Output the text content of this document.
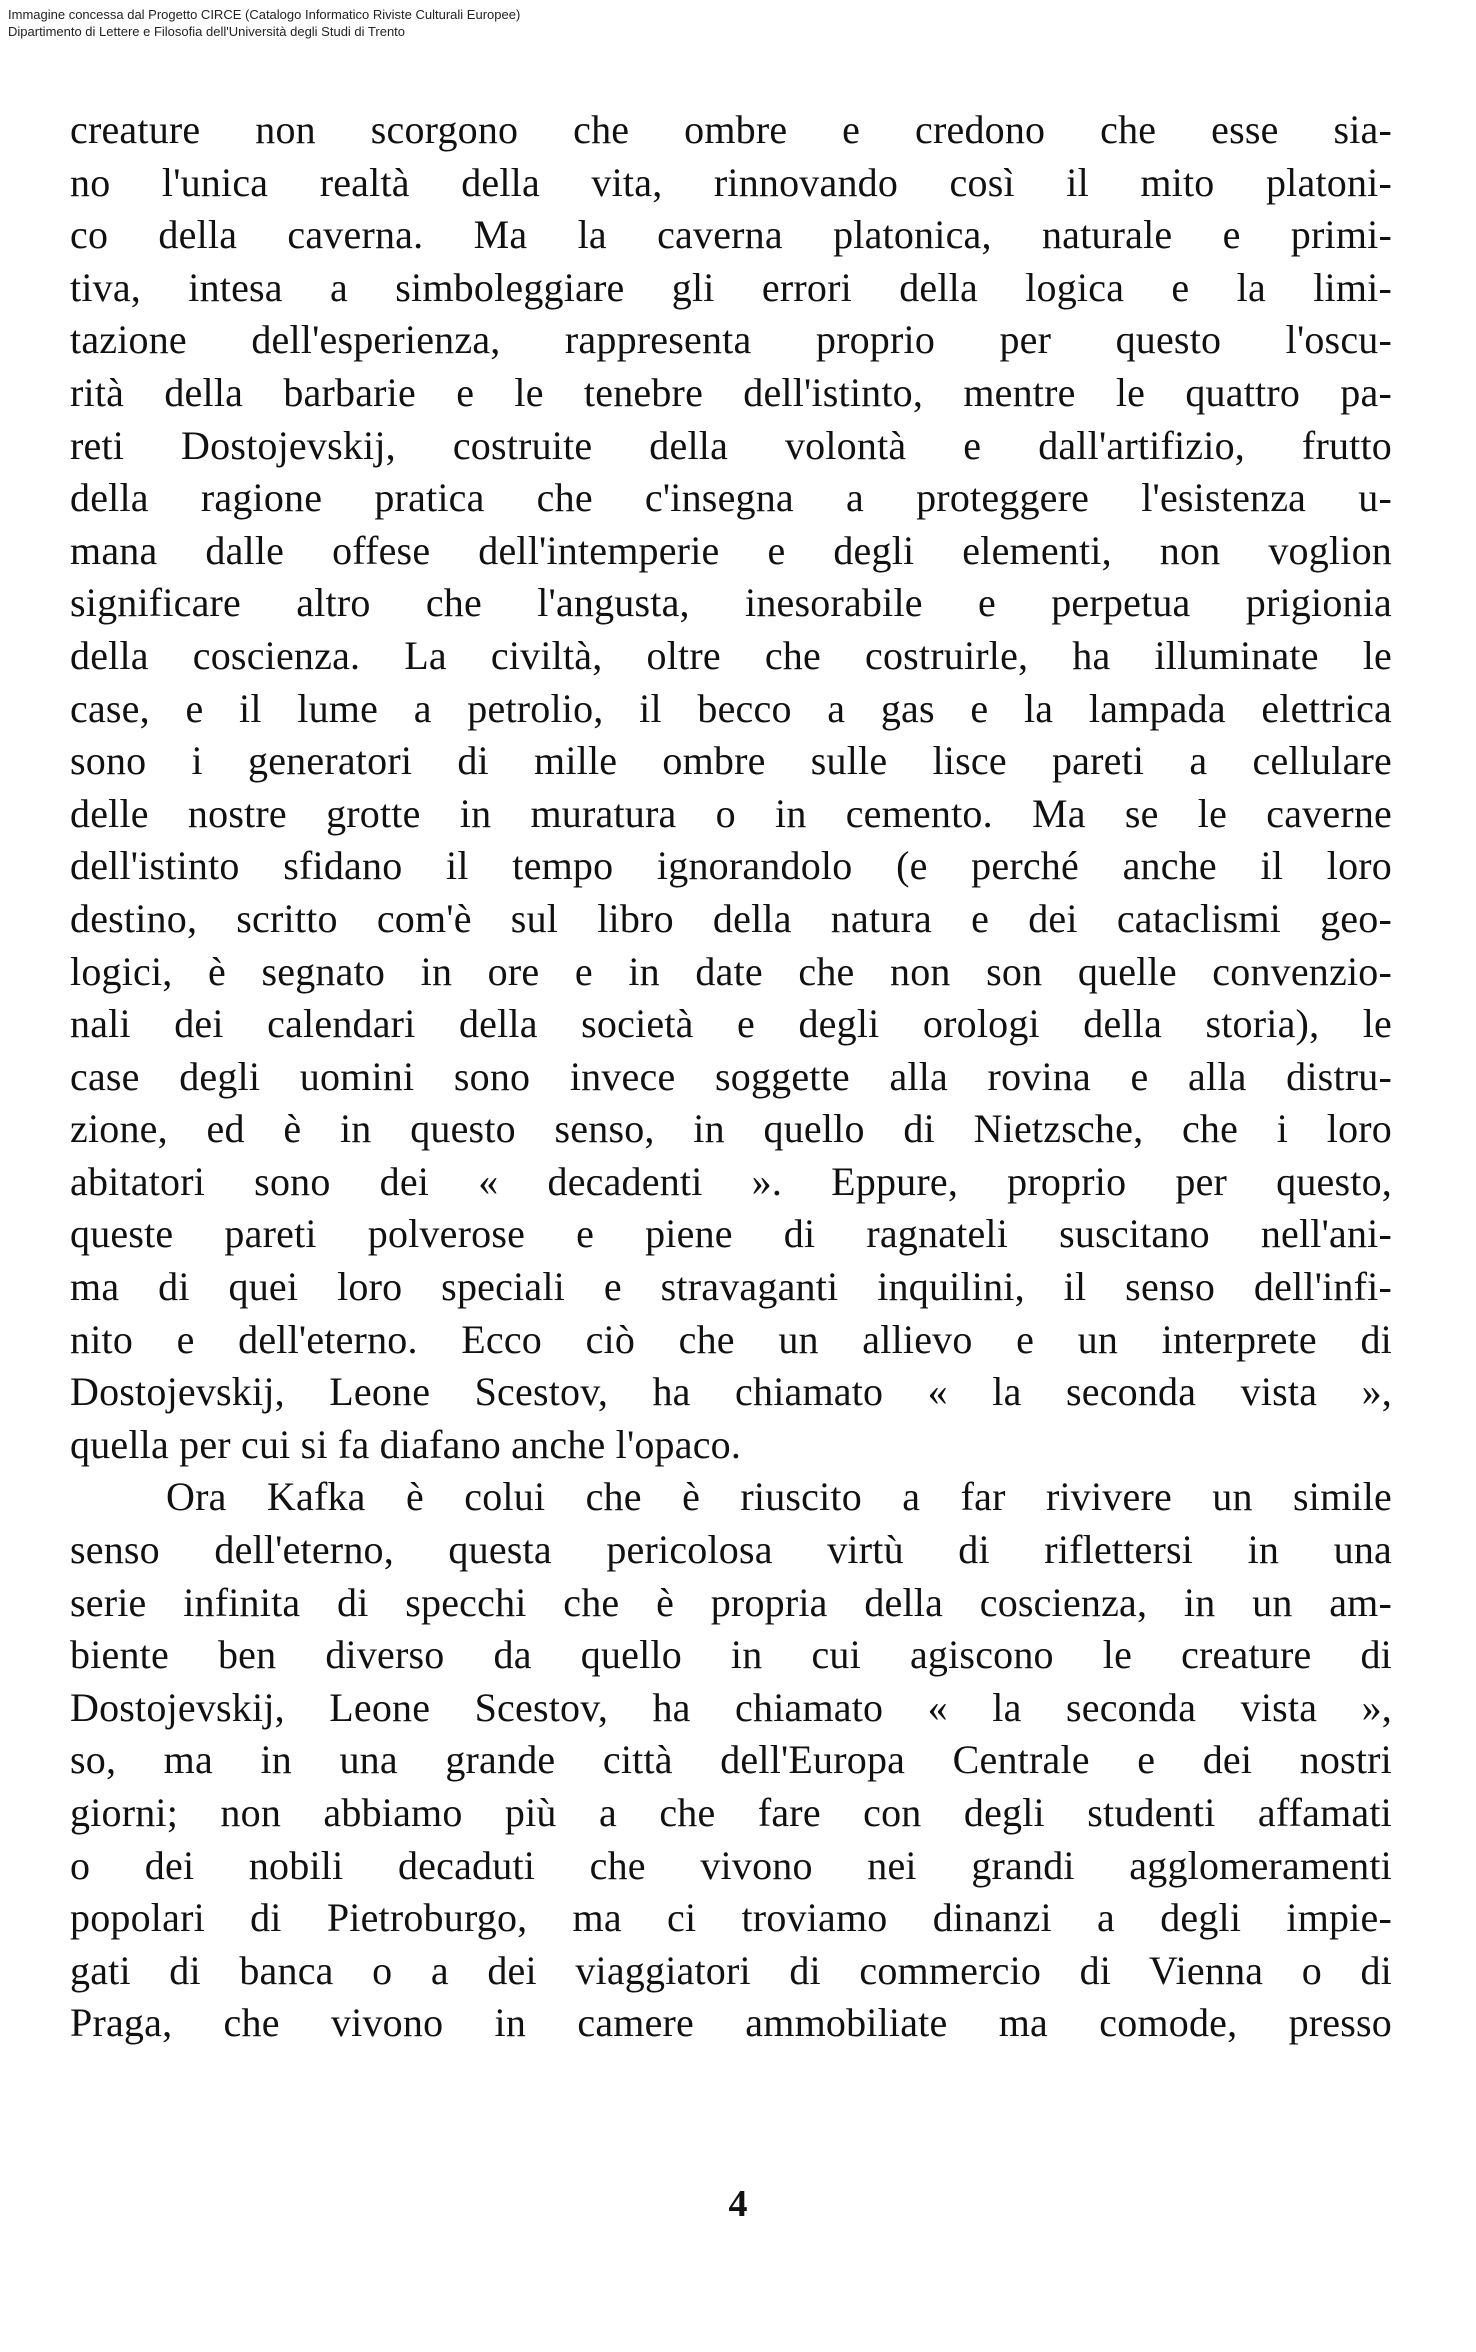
Immagine concessa dal Progetto CIRCE (Catalogo Informatico Riviste Culturali Europee)
Dipartimento di Lettere e Filosofia dell'Università degli Studi di Trento
creature non scorgono che ombre e credono che esse sia-
no l'unica realtà della vita, rinnovando così il mito platoni-
co della caverna. Ma la caverna platonica, naturale e primi-
tiva, intesa a simboleggiare gli errori della logica e la limi-
tazione dell'esperienza, rappresenta proprio per questo l'oscu-
rità della barbarie e le tenebre dell'istinto, mentre le quattro pa-
reti Dostojevskij, costruite della volontà e dall'artifizio, frutto
della ragione pratica che c'insegna a proteggere l'esistenza u-
mana dalle offese dell'intemperie e degli elementi, non voglion
significare altro che l'angusta, inesorabile e perpetua prigionia
della coscienza. La civiltà, oltre che costruirle, ha illuminate le
case, e il lume a petrolio, il becco a gas e la lampada elettrica
sono i generatori di mille ombre sulle lisce pareti a cellulare
delle nostre grotte in muratura o in cemento. Ma se le caverne
dell'istinto sfidano il tempo ignorandolo (e perché anche il loro
destino, scritto com'è sul libro della natura e dei cataclismi geo-
logici, è segnato in ore e in date che non son quelle convenzio-
nali dei calendari della società e degli orologi della storia), le
case degli uomini sono invece soggette alla rovina e alla distru-
zione, ed è in questo senso, in quello di Nietzsche, che i loro
abitatori sono dei « decadenti ». Eppure, proprio per questo,
queste pareti polverose e piene di ragnateli suscitano nell'ani-
ma di quei loro speciali e stravaganti inquilini, il senso dell'infi-
nito e dell'eterno. Ecco ciò che un allievo e un interprete di
Dostojevskij, Leone Scestov, ha chiamato « la seconda vista »,
quella per cui si fa diafano anche l'opaco.
Ora Kafka è colui che è riuscito a far rivivere un simile
senso dell'eterno, questa pericolosa virtù di riflettersi in una
serie infinita di specchi che è propria della coscienza, in un am-
biente ben diverso da quello in cui agiscono le creature di
Dostojevskij, Leone Scestov, ha chiamato « la seconda vista »,
so, ma in una grande città dell'Europa Centrale e dei nostri
giorni; non abbiamo più a che fare con degli studenti affamati
o dei nobili decaduti che vivono nei grandi agglomeramenti
popolari di Pietroburgo, ma ci troviamo dinanzi a degli impie-
gati di banca o a dei viaggiatori di commercio di Vienna o di
Praga, che vivono in camere ammobiliate ma comode, presso
4
